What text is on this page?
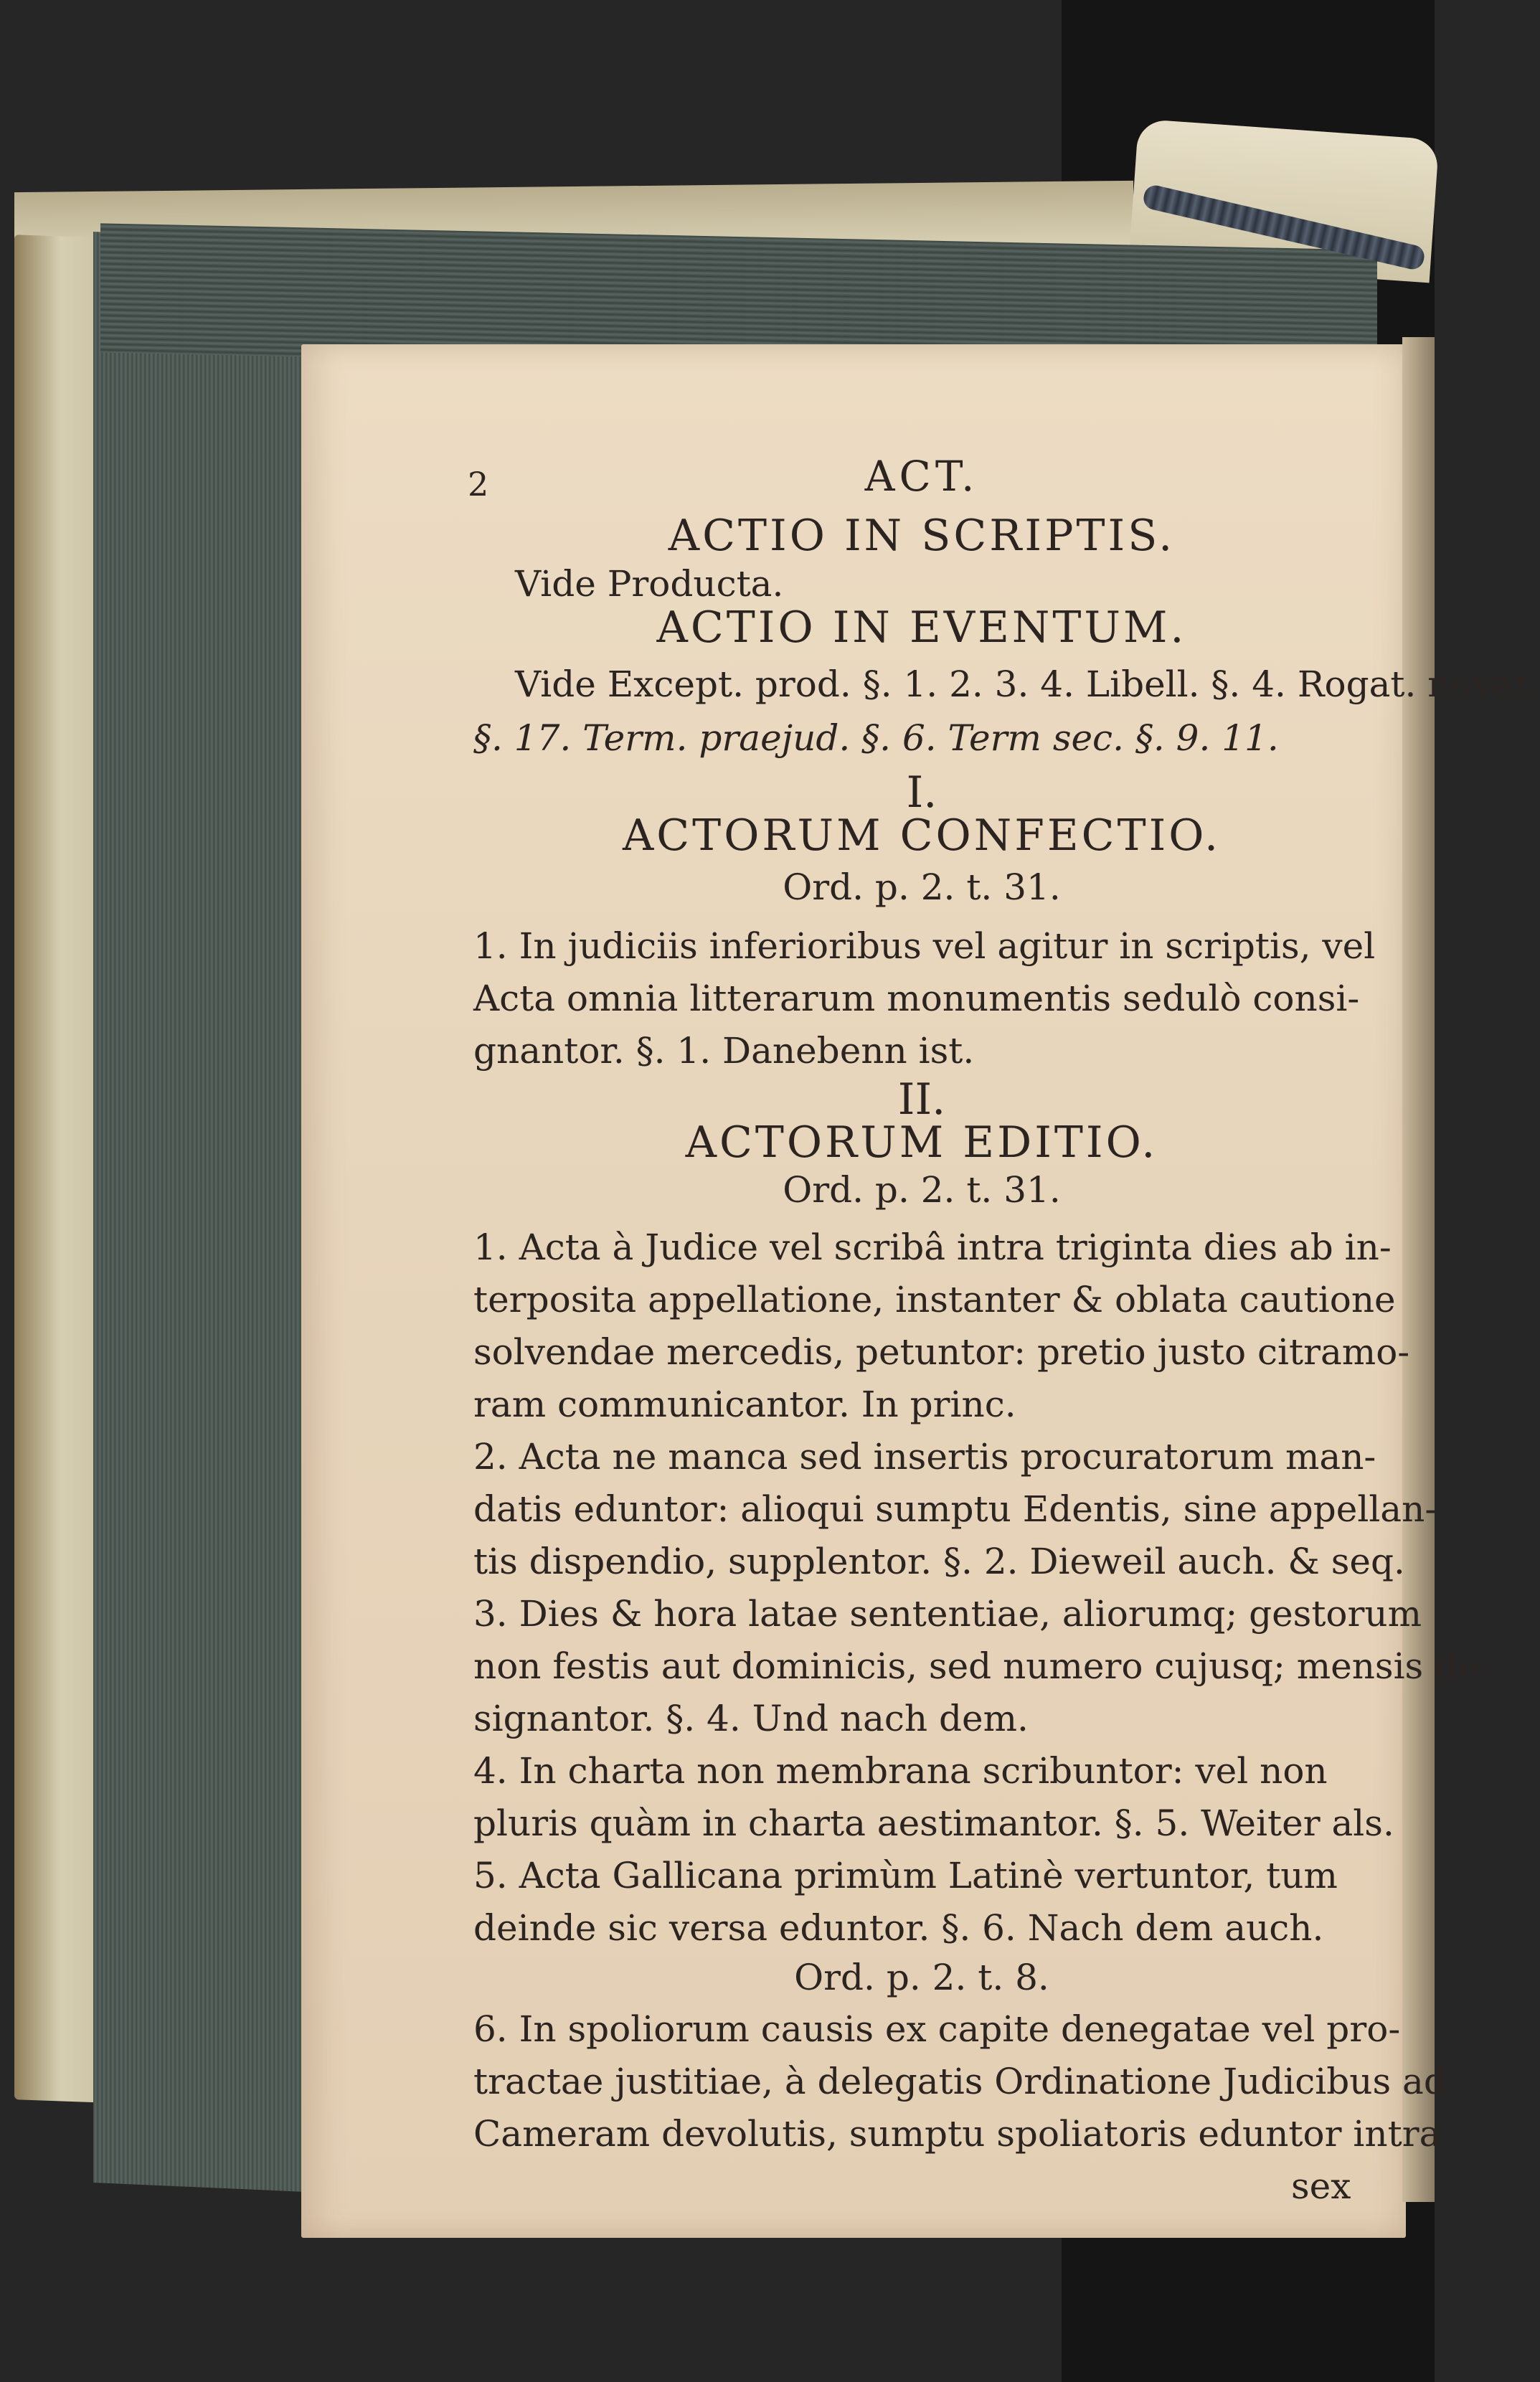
2	ACT.
ACTIO IN SCRIPTIS.
Vide Producta.
ACTIO IN EVENTUM.
Vide Except. prod. §. 1. 2. 3. 4. Libell. §. 4. Rogat. novat.
§. 17. Term. praejud. §. 6. Term sec. §. 9. 11.
I.
ACTORUM CONFECTIO.
Ord. p. 2. t. 31.
1. In judiciis inferioribus vel agitur in scriptis, vel
Acta omnia litterarum monumentis sedulò consi-
gnantor. §. 1. Danebenn ist.
II.
ACTORUM EDITIO.
Ord. p. 2. t. 31.
1. Acta à Judice vel scribâ intra triginta dies ab in-
terposita appellatione, instanter & oblata cautione
solvendae mercedis, petuntor: pretio justo citramo-
ram communicantor. In princ.
2. Acta ne manca sed insertis procuratorum man-
datis eduntor: alioqui sumptu Edentis, sine appellan-
tis dispendio, supplentor. §. 2. Dieweil auch. & seq.
3. Dies & hora latae sententiae, aliorumq; gestorum
non festis aut dominicis, sed numero cujusq; mensis de-
signantor. §. 4. Und nach dem.
4. In charta non membrana scribuntor: vel non
pluris quàm in charta aestimantor. §. 5. Weiter als.
5. Acta Gallicana primùm Latinè vertuntor, tum
deinde sic versa eduntor. §. 6. Nach dem auch.
Ord. p. 2. t. 8.
6. In spoliorum causis ex capite denegatae vel pro-
tractae justitiae, à delegatis Ordinatione Judicibus ad
Cameram devolutis, sumptu spoliatoris eduntor intra
sex
